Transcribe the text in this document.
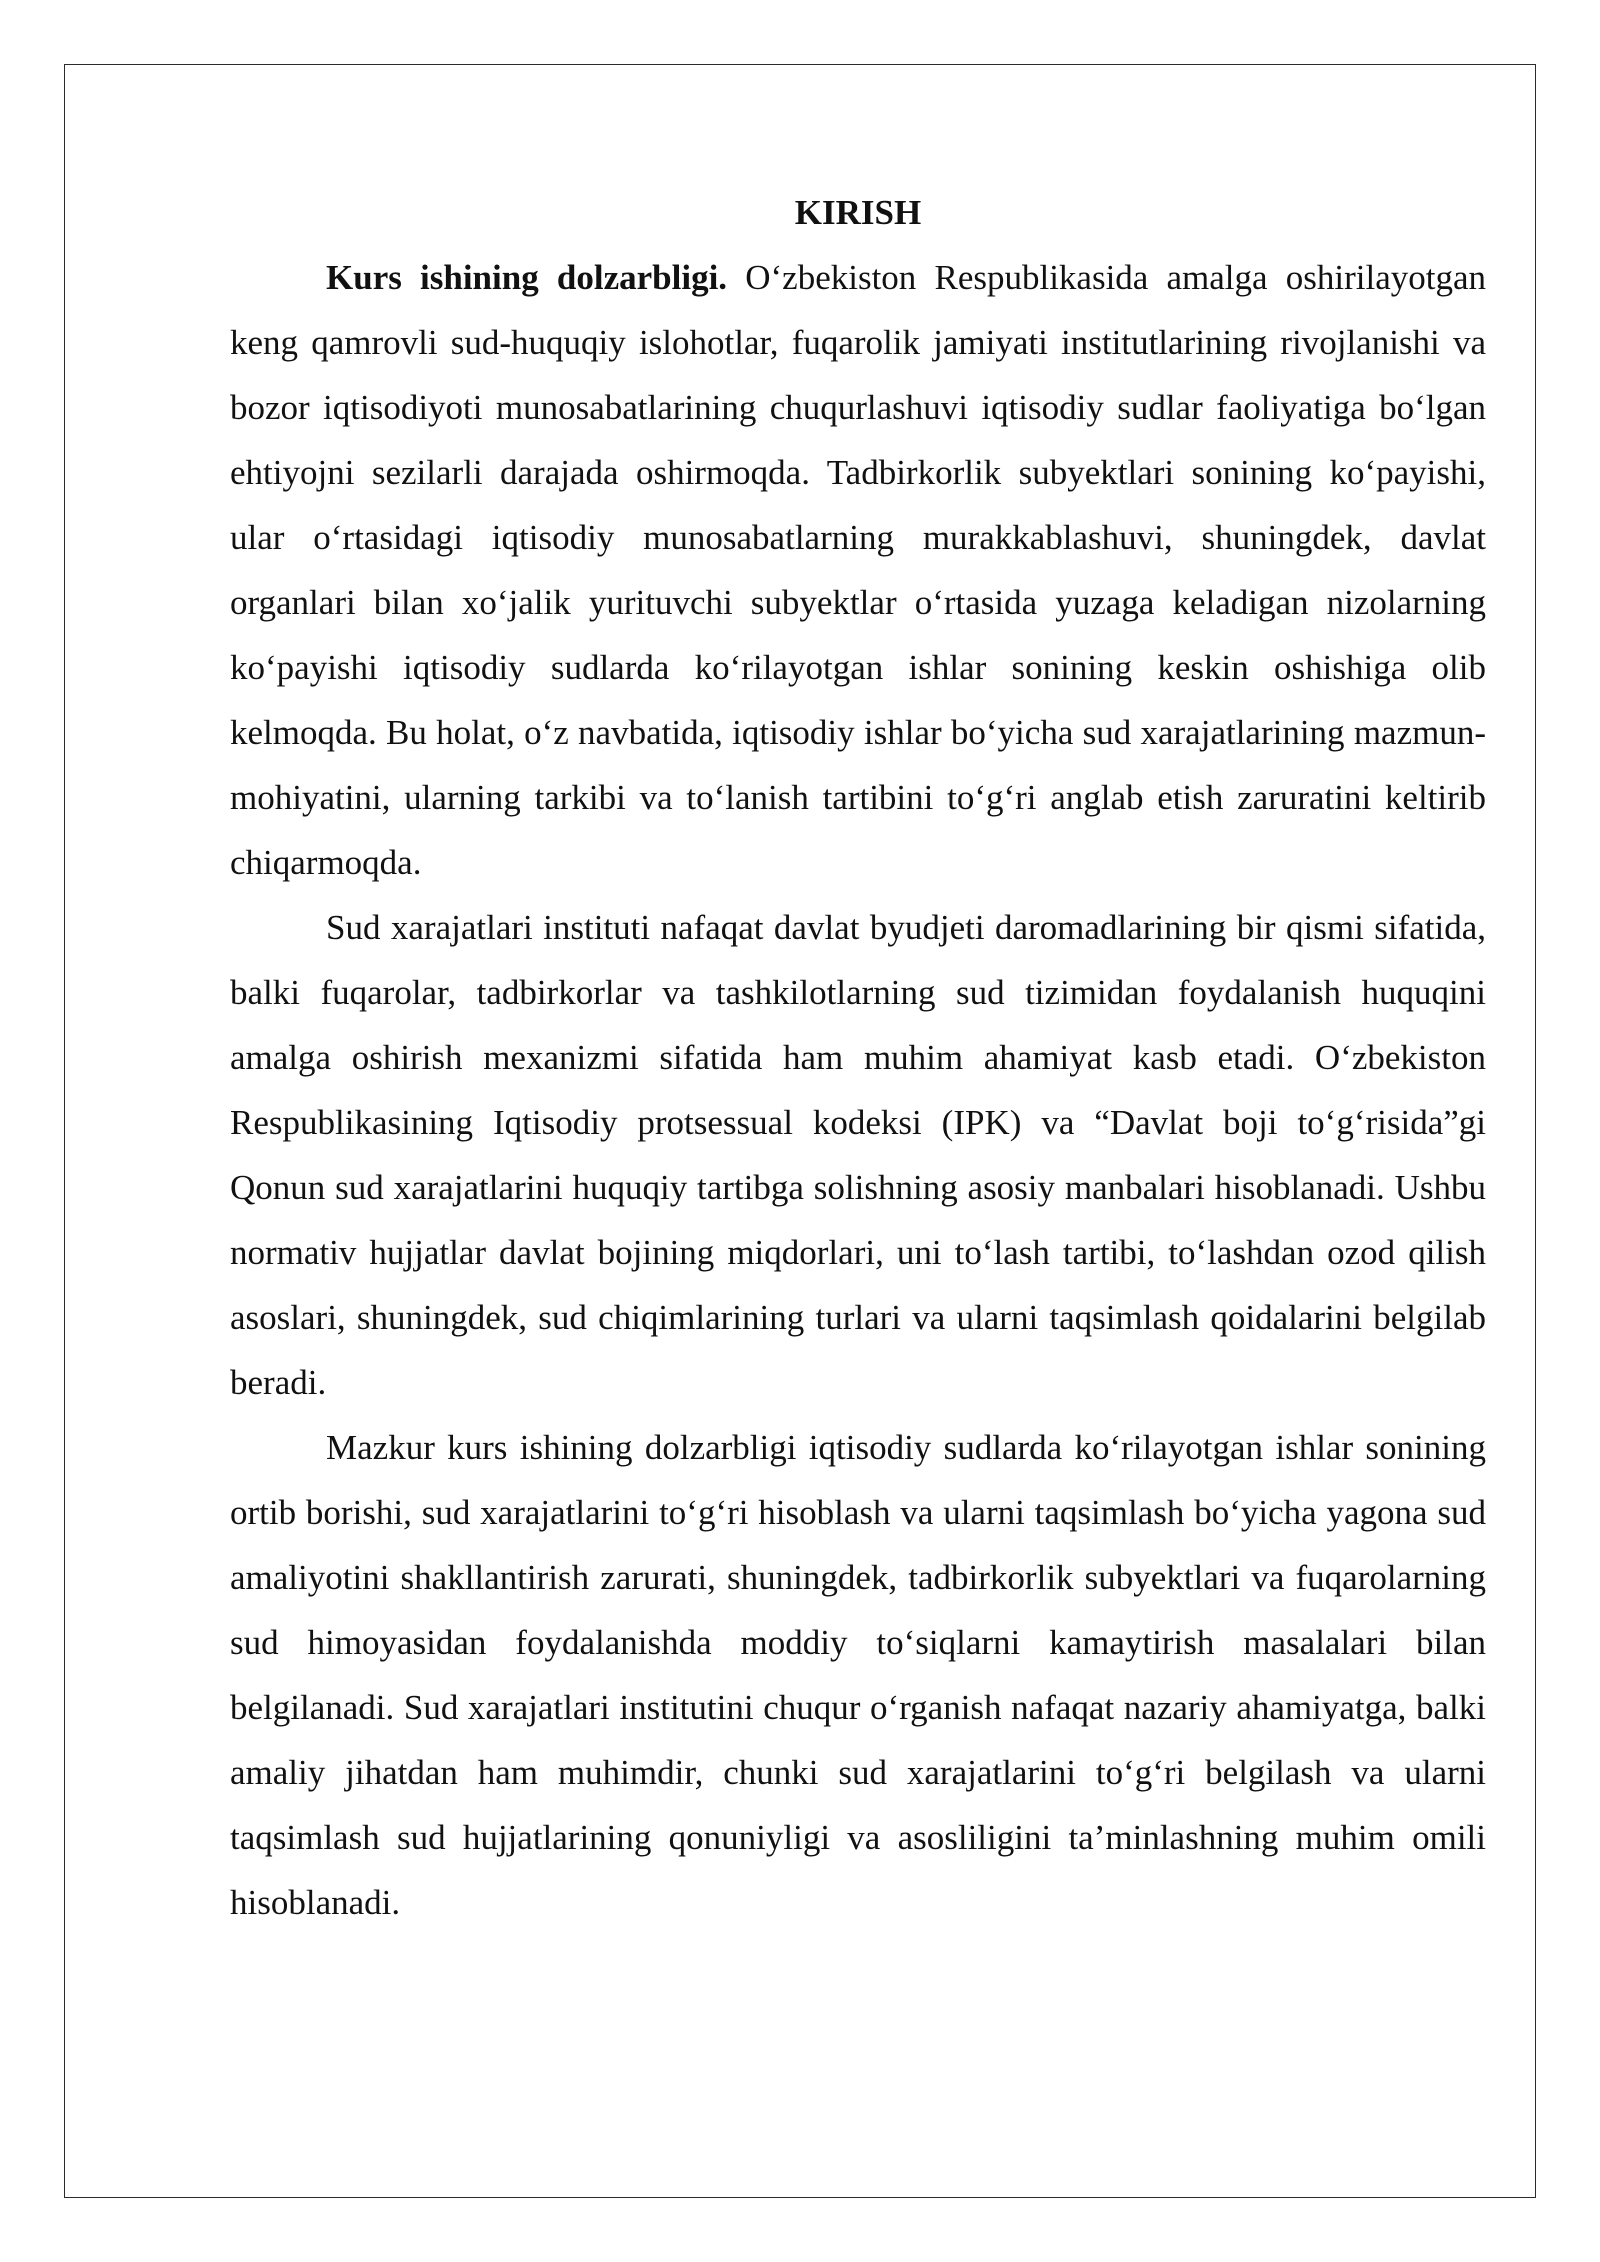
KIRISH

Kurs ishining dolzarbligi. O‘zbekiston Respublikasida amalga oshirilayotgan keng qamrovli sud-huquqiy islohotlar, fuqarolik jamiyati institutlarining rivojlanishi va bozor iqtisodiyoti munosabatlarining chuqurlashuvi iqtisodiy sudlar faoliyatiga bo‘lgan ehtiyojni sezilarli darajada oshirmoqda. Tadbirkorlik subyektlari sonining ko‘payishi, ular o‘rtasidagi iqtisodiy munosabatlarning murakkablashuvi, shuningdek, davlat organlari bilan xo‘jalik yurituvchi subyektlar o‘rtasida yuzaga keladigan nizolarning ko‘payishi iqtisodiy sudlarda ko‘rilayotgan ishlar sonining keskin oshishiga olib kelmoqda. Bu holat, o‘z navbatida, iqtisodiy ishlar bo‘yicha sud xarajatlarining mazmun-mohiyatini, ularning tarkibi va to‘lanish tartibini to‘g‘ri anglab etish zaruratini keltirib chiqarmoqda.

Sud xarajatlari instituti nafaqat davlat byudjeti daromadlarining bir qismi sifatida, balki fuqarolar, tadbirkorlar va tashkilotlarning sud tizimidan foydalanish huquqini amalga oshirish mexanizmi sifatida ham muhim ahamiyat kasb etadi. O‘zbekiston Respublikasining Iqtisodiy protsessual kodeksi (IPK) va “Davlat boji to‘g‘risida”gi Qonun sud xarajatlarini huquqiy tartibga solishning asosiy manbalari hisoblanadi. Ushbu normativ hujjatlar davlat bojining miqdorlari, uni to‘lash tartibi, to‘lashdan ozod qilish asoslari, shuningdek, sud chiqimlarining turlari va ularni taqsimlash qoidalarini belgilab beradi.

Mazkur kurs ishining dolzarbligi iqtisodiy sudlarda ko‘rilayotgan ishlar sonining ortib borishi, sud xarajatlarini to‘g‘ri hisoblash va ularni taqsimlash bo‘yicha yagona sud amaliyotini shakllantirish zarurati, shuningdek, tadbirkorlik subyektlari va fuqarolarning sud himoyasidan foydalanishda moddiy to‘siqlarni kamaytirish masalalari bilan belgilanadi. Sud xarajatlari institutini chuqur o‘rganish nafaqat nazariy ahamiyatga, balki amaliy jihatdan ham muhimdir, chunki sud xarajatlarini to‘g‘ri belgilash va ularni taqsimlash sud hujjatlarining qonuniyligi va asosliligini ta’minlashning muhim omili hisoblanadi.
